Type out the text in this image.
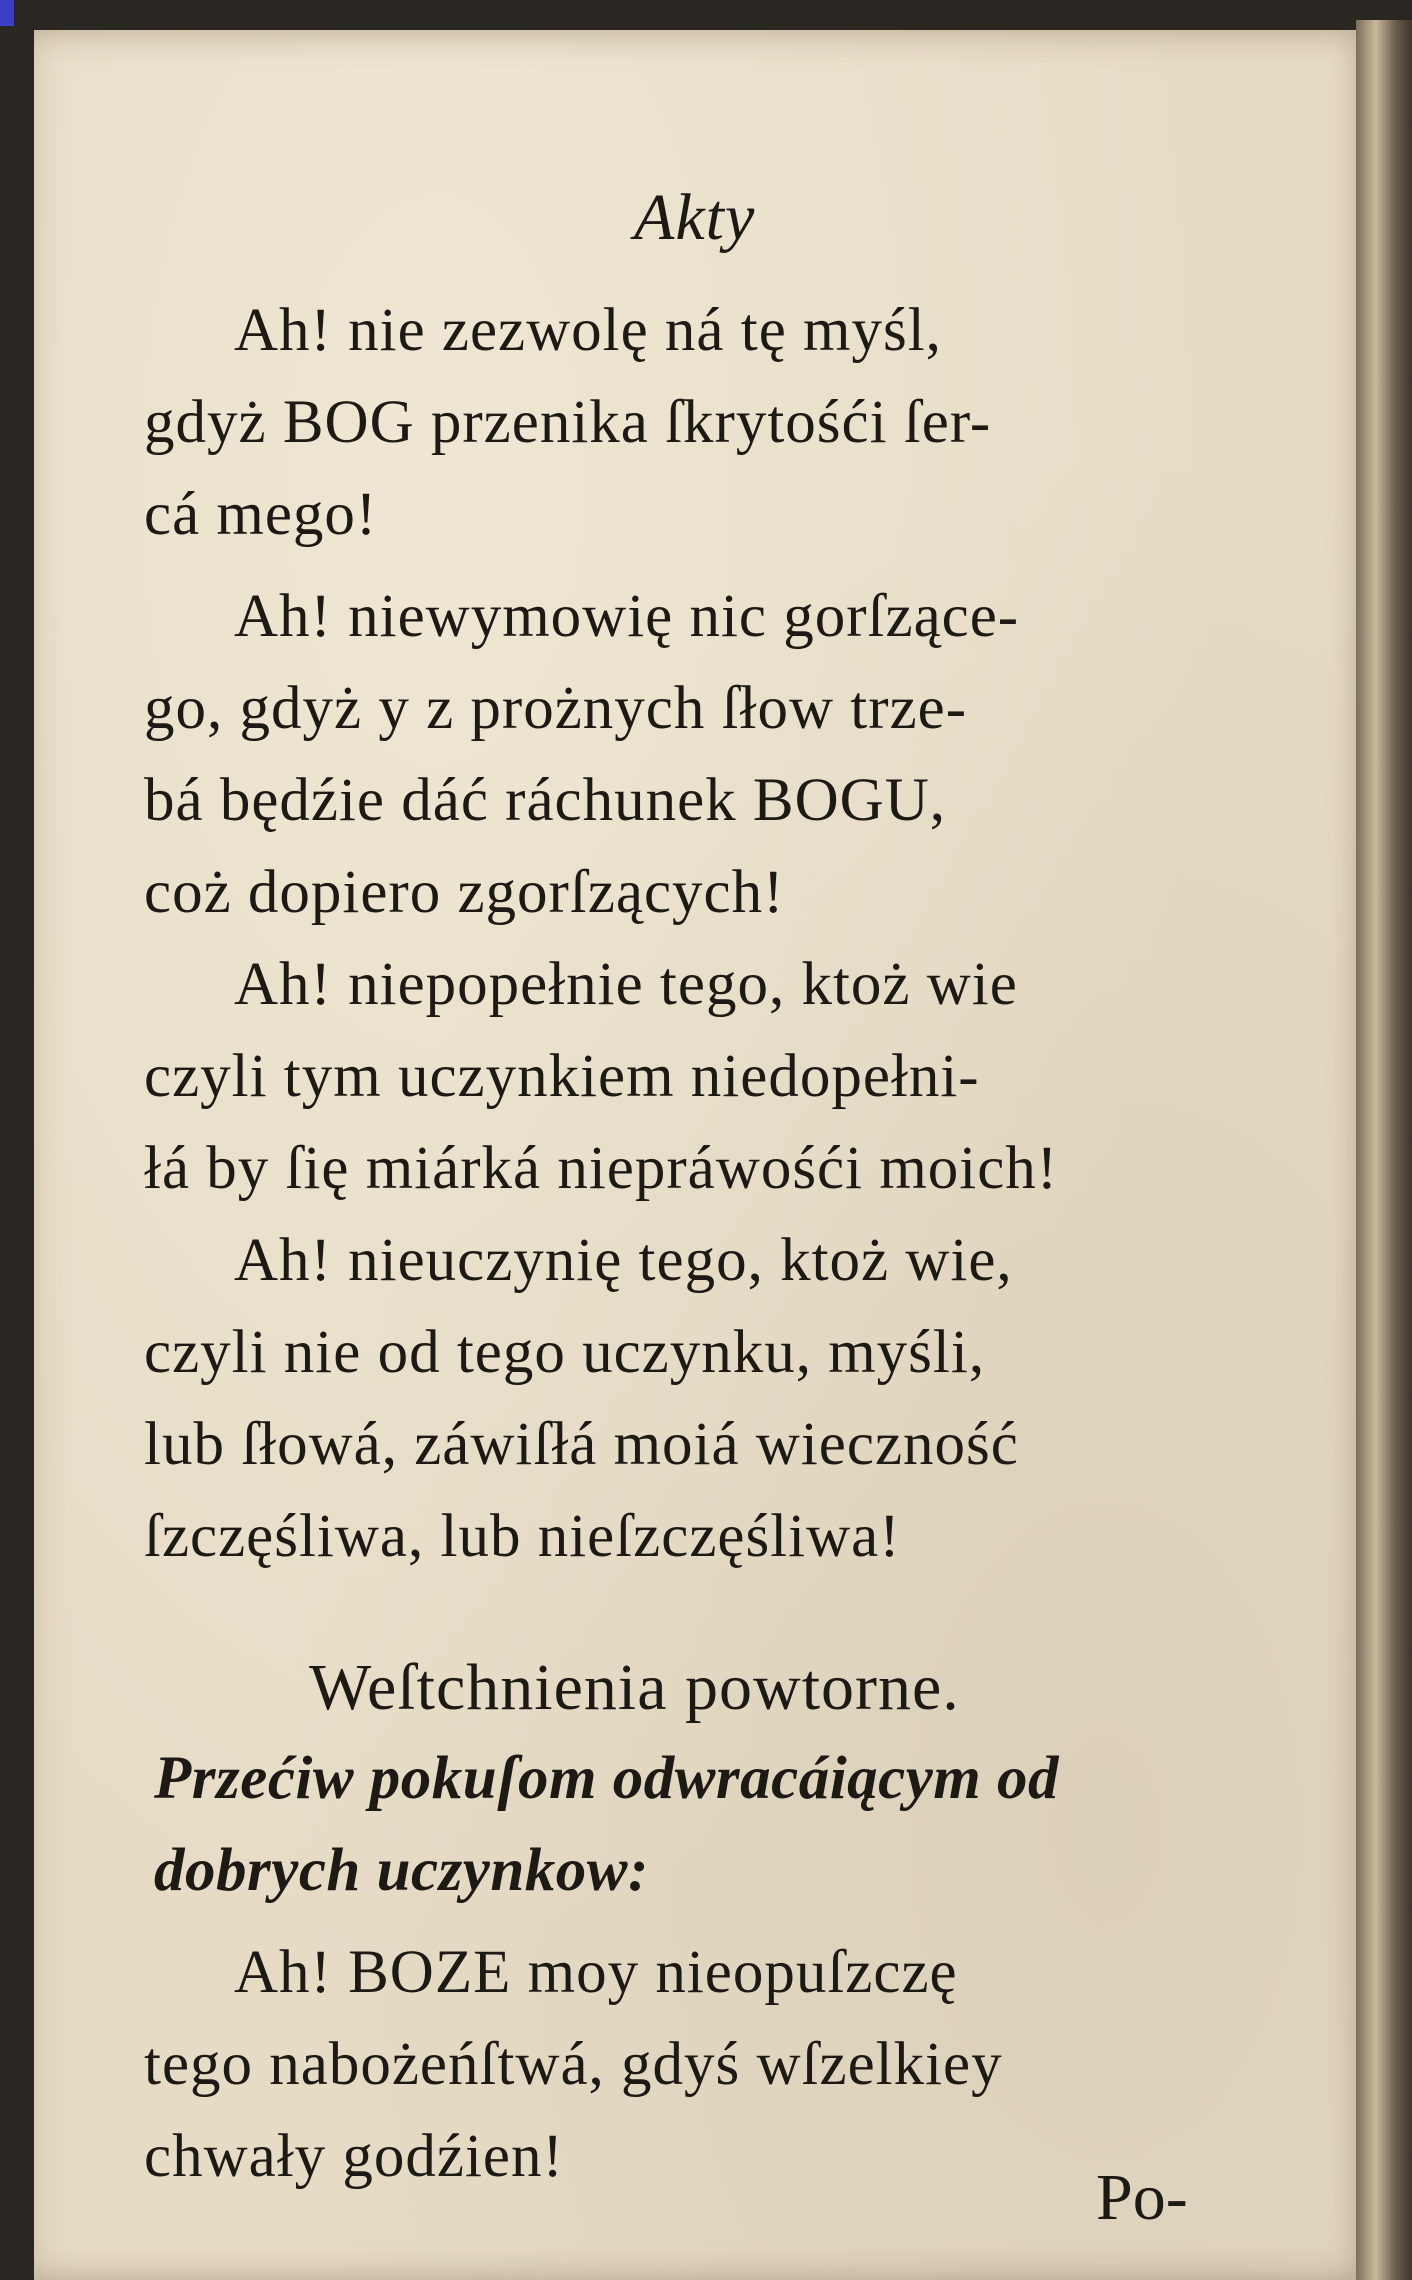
Akty
Ah! nie zezwolę ná tę myśl,
gdyż BOG przenika ſkrytośći ſer-
cá mego!
Ah! niewymowię nic gorſzące-
go, gdyż y z prożnych ſłow trze-
bá będźie dáć ráchunek BOGU,
coż dopiero zgorſzących!
Ah! niepopełnie tego, ktoż wie
czyli tym uczynkiem niedopełni-
łá by ſię miárká niepráwośći moich!
Ah! nieuczynię tego, ktoż wie,
czyli nie od tego uczynku, myśli,
lub ſłowá, záwiſłá moiá wieczność
ſzczęśliwa, lub nieſzczęśliwa!
Weſtchnienia powtorne.
Przećiw pokuſom odwracáiącym od
dobrych uczynkow:
Ah! BOZE moy nieopuſzczę
tego nabożeńſtwá, gdyś wſzelkiey
chwały godźien!
Po-
